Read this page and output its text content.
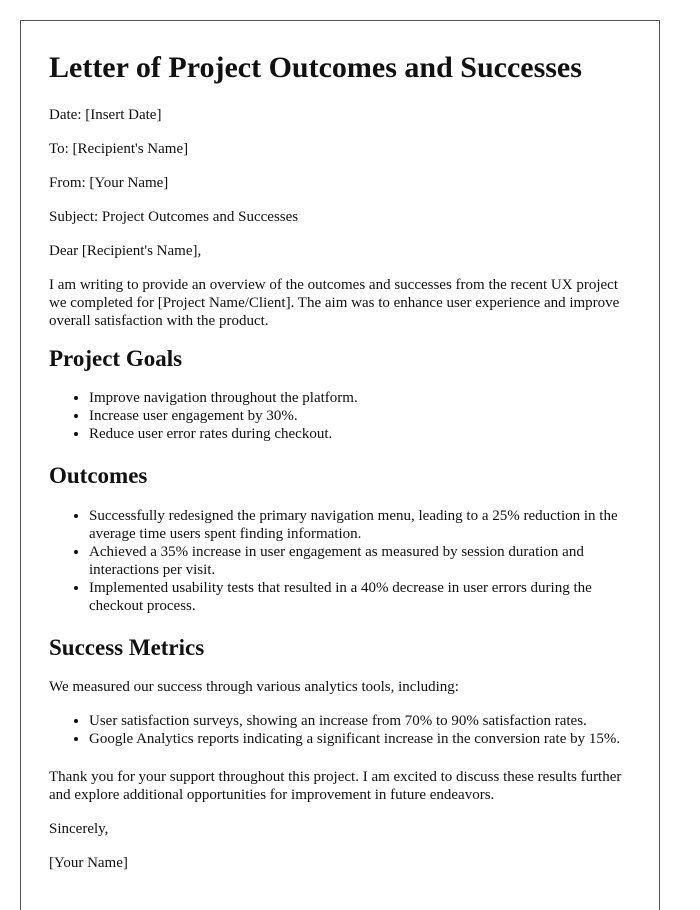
Letter of Project Outcomes and Successes

Date: [Insert Date]

To: [Recipient's Name]

From: [Your Name]

Subject: Project Outcomes and Successes

Dear [Recipient's Name],

I am writing to provide an overview of the outcomes and successes from the recent UX project we completed for [Project Name/Client]. The aim was to enhance user experience and improve overall satisfaction with the product.

Project Goals
• Improve navigation throughout the platform.
• Increase user engagement by 30%.
• Reduce user error rates during checkout.
Outcomes
• Successfully redesigned the primary navigation menu, leading to a 25% reduction in the average time users spent finding information.
• Achieved a 35% increase in user engagement as measured by session duration and interactions per visit.
• Implemented usability tests that resulted in a 40% decrease in user errors during the checkout process.
Success Metrics

We measured our success through various analytics tools, including:

• User satisfaction surveys, showing an increase from 70% to 90% satisfaction rates.
• Google Analytics reports indicating a significant increase in the conversion rate by 15%.

Thank you for your support throughout this project. I am excited to discuss these results further and explore additional opportunities for improvement in future endeavors.

Sincerely,

[Your Name]
